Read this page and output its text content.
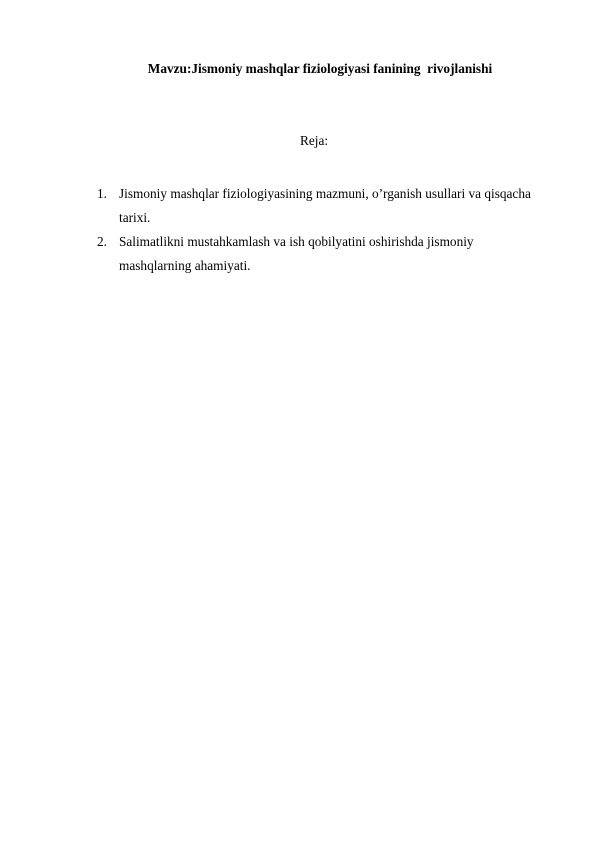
Mavzu:Jismoniy mashqlar fiziologiyasi fanining  rivojlanishi
Reja:
1. Jismoniy mashqlar fiziologiyasining mazmuni, o’rganish usullari va qisqacha tarixi.
2. Salimatlikni mustahkamlash va ish qobilyatini oshirishda jismoniy mashqlarning ahamiyati.
